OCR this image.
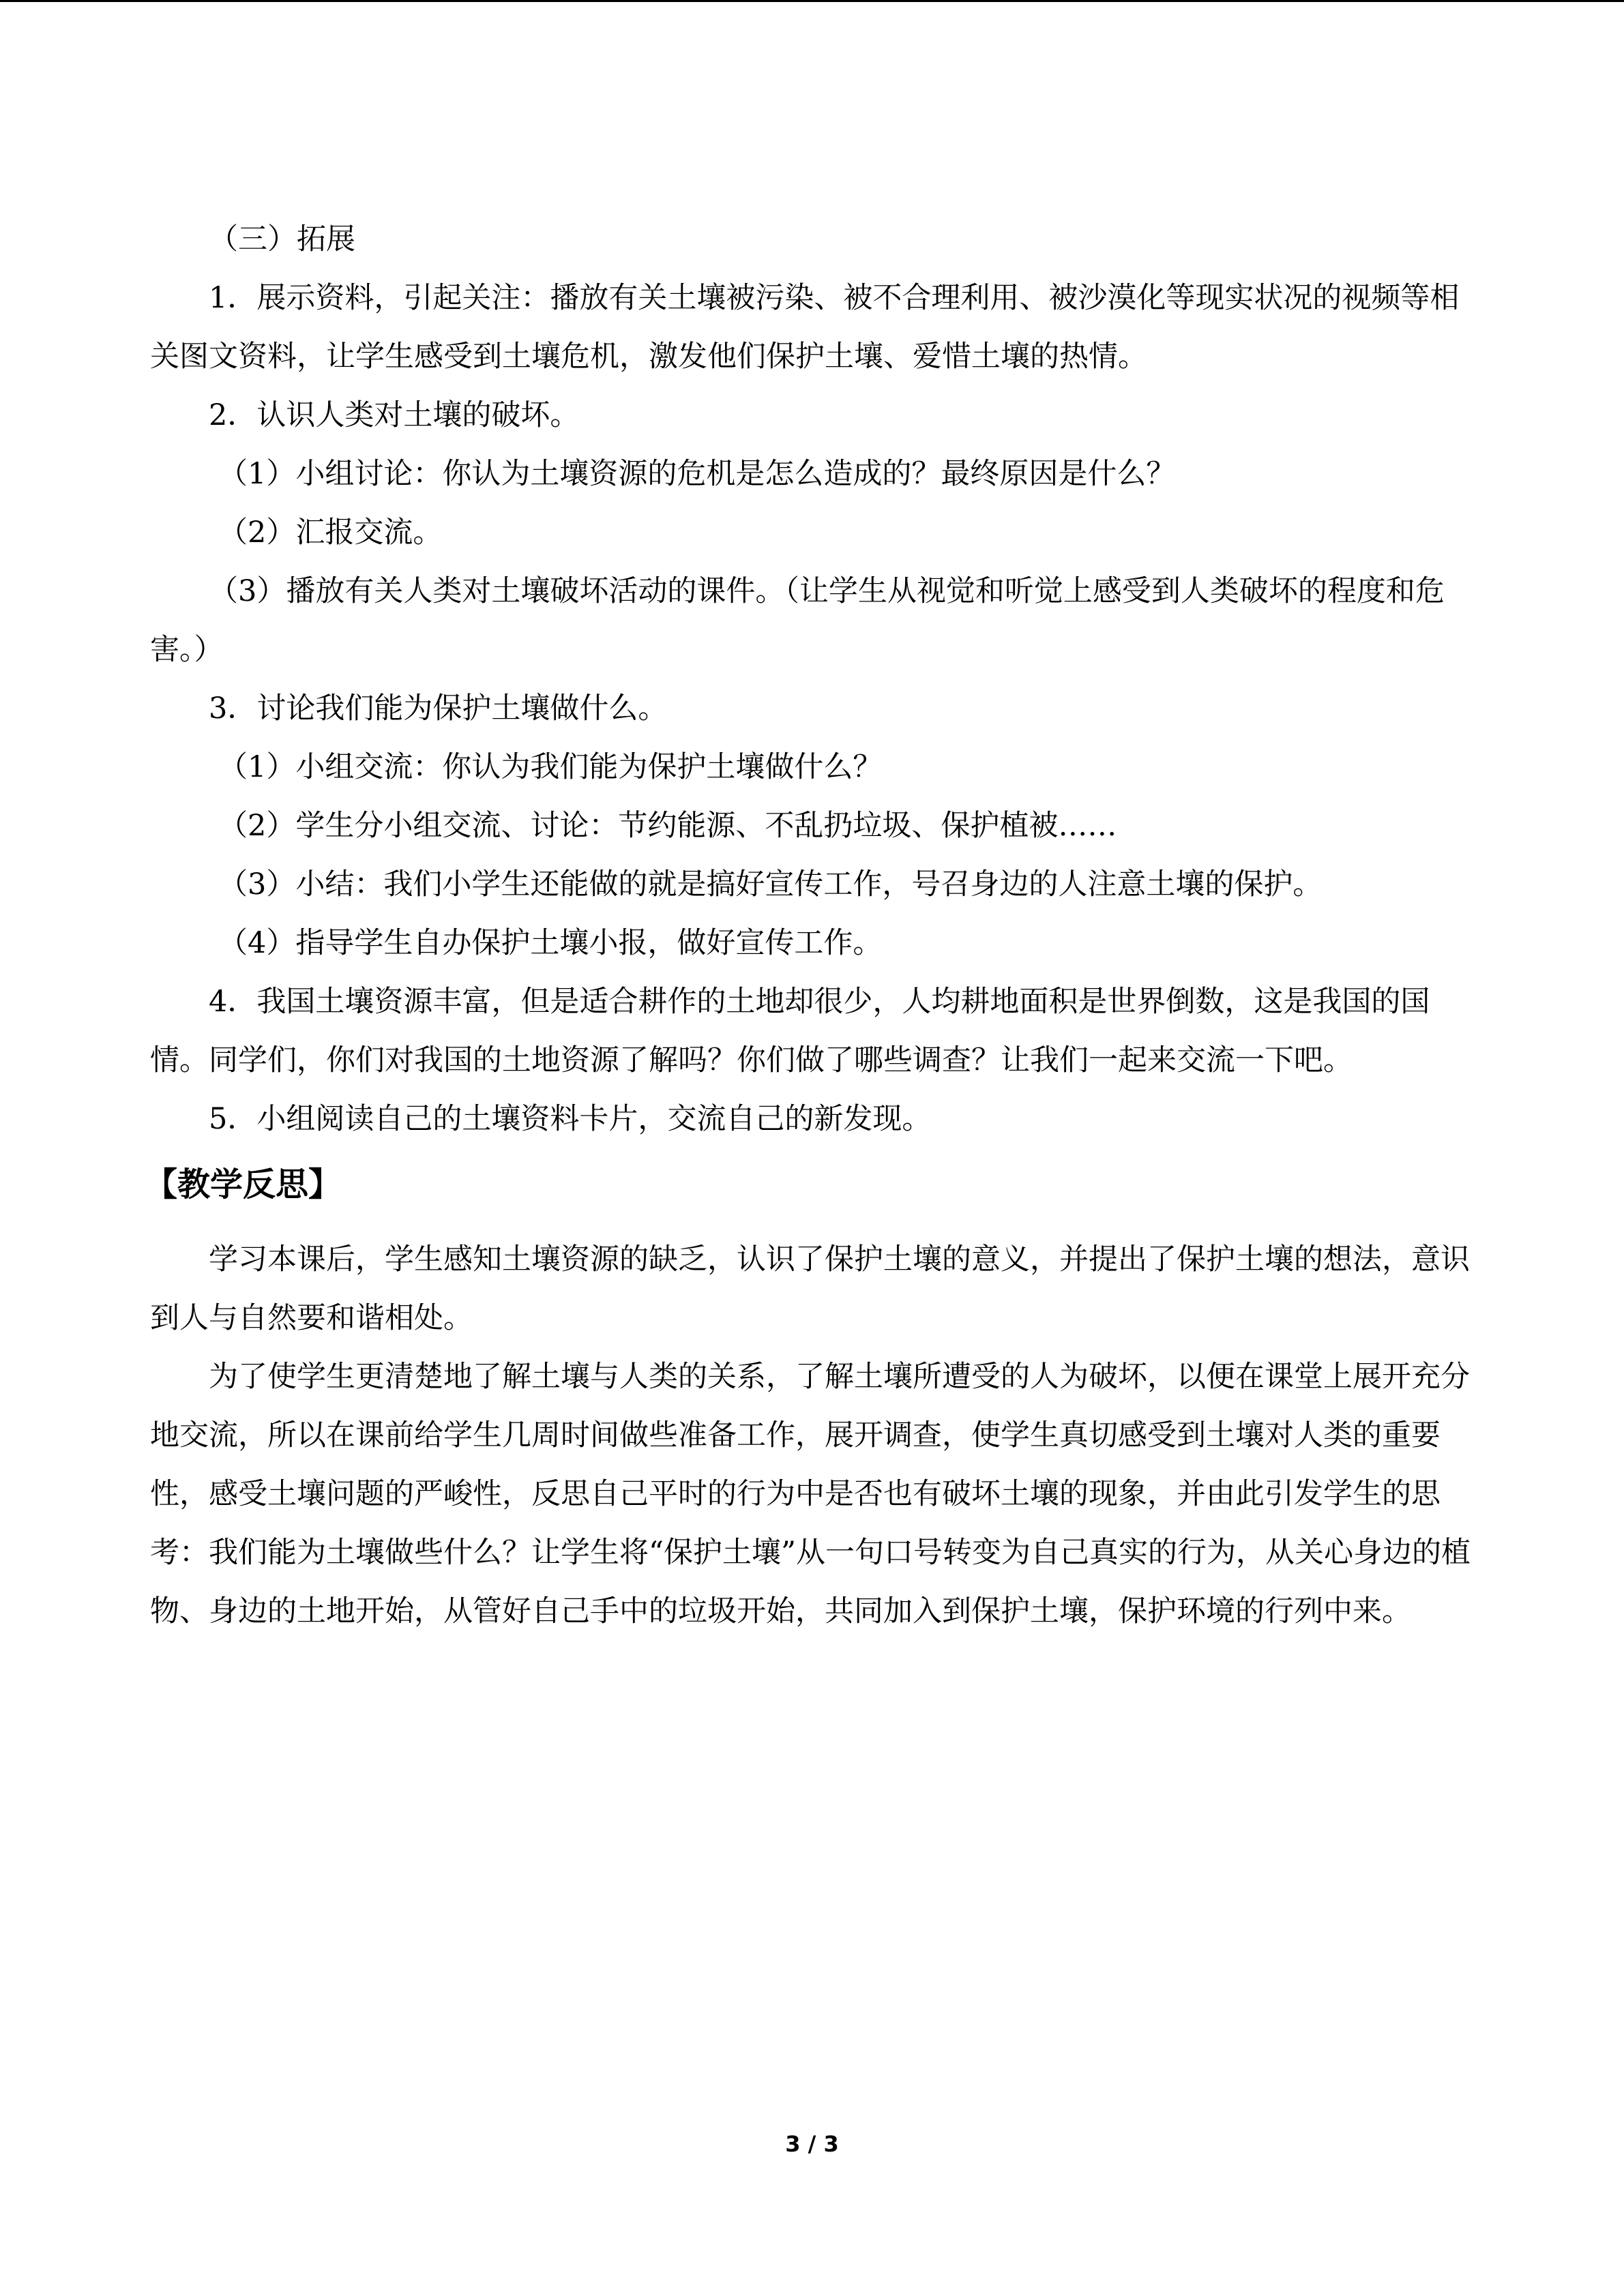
（三）拓展

1．展示资料，引起关注：播放有关土壤被污染、被不合理利用、被沙漠化等现实状况的视频等相关图文资料，让学生感受到土壤危机，激发他们保护土壤、爱惜土壤的热情。

2．认识人类对土壤的破坏。

（1）小组讨论：你认为土壤资源的危机是怎么造成的？最终原因是什么？

（2）汇报交流。

（3）播放有关人类对土壤破坏活动的课件。（让学生从视觉和听觉上感受到人类破坏的程度和危害。）

3．讨论我们能为保护土壤做什么。

（1）小组交流：你认为我们能为保护土壤做什么？

（2）学生分小组交流、讨论：节约能源、不乱扔垃圾、保护植被……

（3）小结：我们小学生还能做的就是搞好宣传工作，号召身边的人注意土壤的保护。

（4）指导学生自办保护土壤小报，做好宣传工作。

4．我国土壤资源丰富，但是适合耕作的土地却很少，人均耕地面积是世界倒数，这是我国的国情。同学们，你们对我国的土地资源了解吗？你们做了哪些调查？让我们一起来交流一下吧。

5．小组阅读自己的土壤资料卡片，交流自己的新发现。

【教学反思】

学习本课后，学生感知土壤资源的缺乏，认识了保护土壤的意义，并提出了保护土壤的想法，意识到人与自然要和谐相处。

为了使学生更清楚地了解土壤与人类的关系，了解土壤所遭受的人为破坏，以便在课堂上展开充分地交流，所以在课前给学生几周时间做些准备工作，展开调查，使学生真切感受到土壤对人类的重要性，感受土壤问题的严峻性，反思自己平时的行为中是否也有破坏土壤的现象，并由此引发学生的思考：我们能为土壤做些什么？让学生将“保护土壤”从一句口号转变为自己真实的行为，从关心身边的植物、身边的土地开始，从管好自己手中的垃圾开始，共同加入到保护土壤，保护环境的行列中来。

3 / 3
